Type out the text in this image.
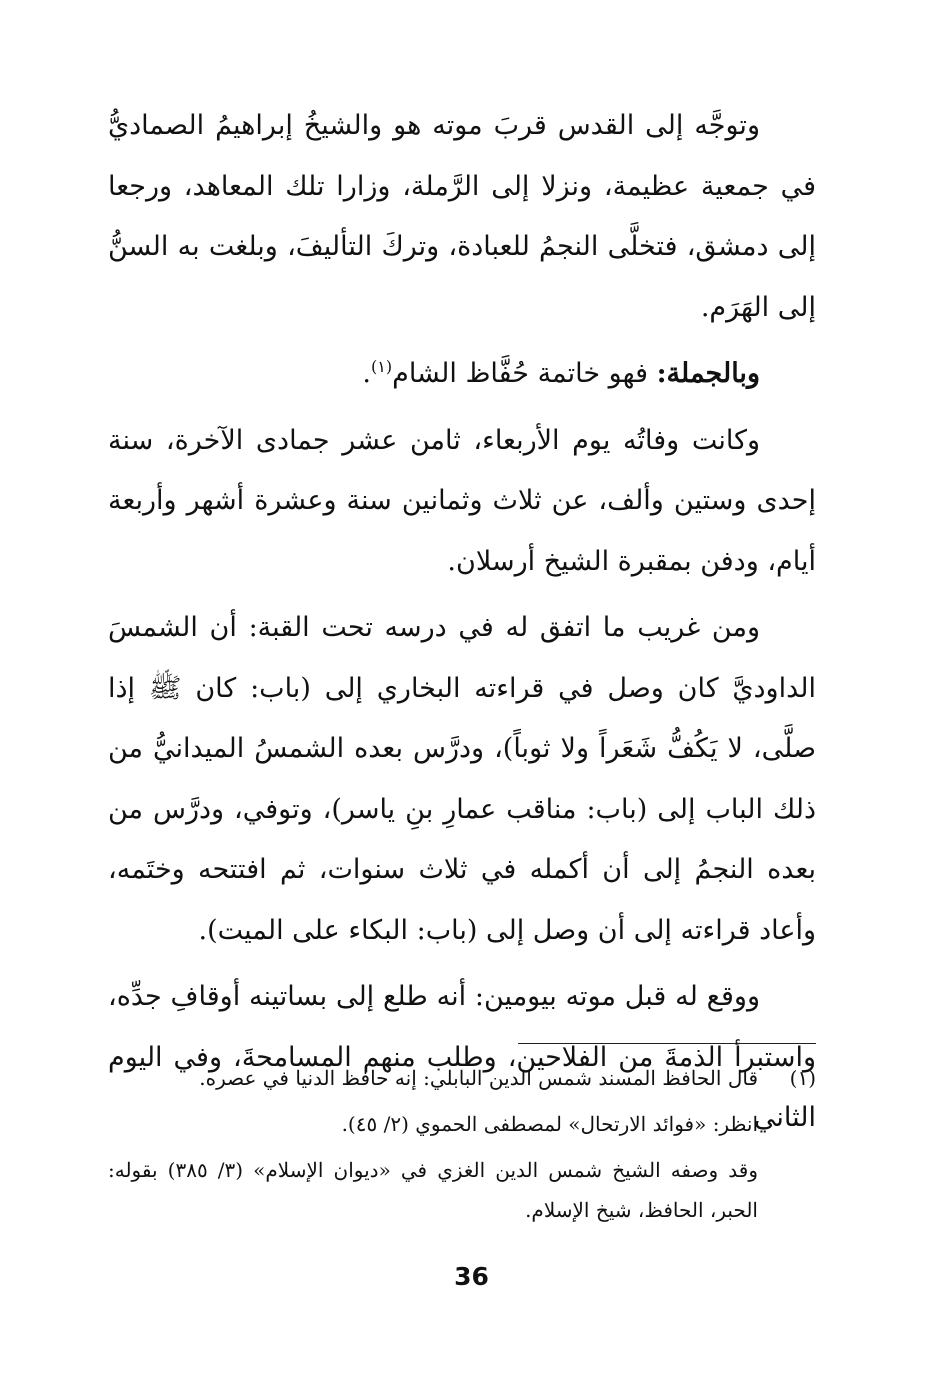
وتوجَّه إلى القدس قربَ موته هو والشيخُ إبراهيمُ الصماديُّ في جمعية عظيمة، ونزلا إلى الرَّملة، وزارا تلك المعاهد، ورجعا إلى دمشق، فتخلَّى النجمُ للعبادة، وتركَ التأليفَ، وبلغت به السنُّ إلى الهَرَم.

وبالجملة: فهو خاتمة حُفَّاظ الشام$^{(١)}$.

وكانت وفاتُه يوم الأربعاء، ثامن عشر جمادى الآخرة، سنة إحدى وستين وألف، عن ثلاث وثمانين سنة وعشرة أشهر وأربعة أيام، ودفن بمقبرة الشيخ أرسلان.

ومن غريب ما اتفق له في درسه تحت القبة: أن الشمسَ الداوديَّ كان وصل في قراءته البخاري إلى (باب: كان ﷺ إذا صلَّى، لا يَكُفُّ شَعَراً ولا ثوباً)، ودرَّس بعده الشمسُ الميدانيُّ من ذلك الباب إلى (باب: مناقب عمارِ بنِ ياسر)، وتوفي، ودرَّس من بعده النجمُ إلى أن أكمله في ثلاث سنوات، ثم افتتحه وختَمه، وأعاد قراءته إلى أن وصل إلى (باب: البكاء على الميت).

ووقع له قبل موته بيومين: أنه طلع إلى بساتينه أوقافِ جدِّه، واستبرأ الذمةَ من الفلاحين، وطلب منهم المسامحةَ، وفي اليوم الثاني

(١)قال الحافظ المسند شمس الدين البابلي: إنه حافظ الدنيا في عصره.

انظر: «فوائد الارتحال» لمصطفى الحموي (٢/ ٤٥).

وقد وصفه الشيخ شمس الدين الغزي في «ديوان الإسلام» (٣/ ٣٨٥) بقوله: الحبر، الحافظ، شيخ الإسلام.

36
